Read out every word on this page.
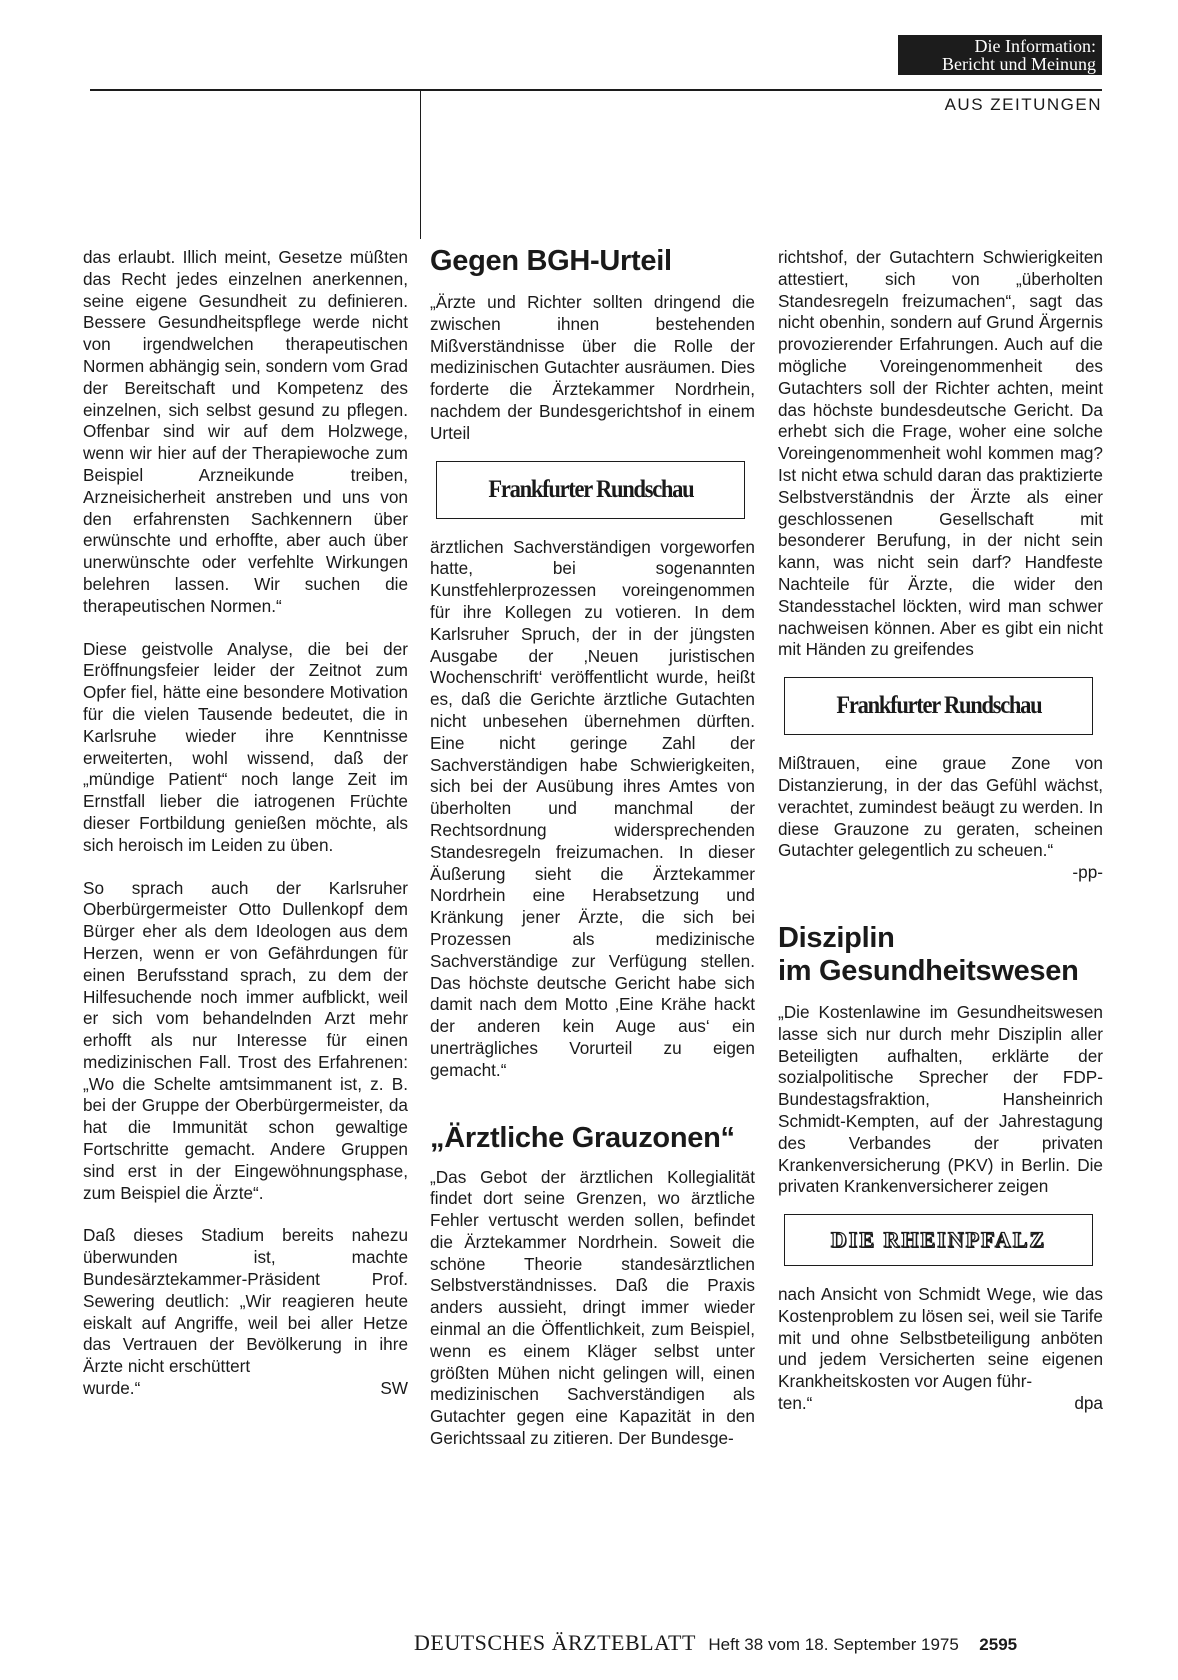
Die Information:
Bericht und Meinung
AUS ZEITUNGEN

das erlaubt. Illich meint, Gesetze müßten das Recht jedes einzelnen anerkennen, seine eigene Gesundheit zu definieren. Bessere Gesundheitspflege werde nicht von irgendwelchen therapeutischen Normen abhängig sein, sondern vom Grad der Bereitschaft und Kompetenz des einzelnen, sich selbst gesund zu pflegen. Offenbar sind wir auf dem Holzwege, wenn wir hier auf der Therapiewoche zum Beispiel Arzneikunde treiben, Arzneisicherheit anstreben und uns von den erfahrensten Sachkennern über erwünschte und erhoffte, aber auch über unerwünschte oder verfehlte Wirkungen belehren lassen. Wir suchen die therapeutischen Normen.“

Diese geistvolle Analyse, die bei der Eröffnungsfeier leider der Zeitnot zum Opfer fiel, hätte eine besondere Motivation für die vielen Tausende bedeutet, die in Karlsruhe wieder ihre Kenntnisse erweiterten, wohl wissend, daß der „mündige Patient“ noch lange Zeit im Ernstfall lieber die iatrogenen Früchte dieser Fortbildung genießen möchte, als sich heroisch im Leiden zu üben.

So sprach auch der Karlsruher Oberbürgermeister Otto Dullenkopf dem Bürger eher als dem Ideologen aus dem Herzen, wenn er von Gefährdungen für einen Berufsstand sprach, zu dem der Hilfesuchende noch immer aufblickt, weil er sich vom behandelnden Arzt mehr erhofft als nur Interesse für einen medizinischen Fall. Trost des Erfahrenen: „Wo die Schelte amtsimmanent ist, z. B. bei der Gruppe der Oberbürgermeister, da hat die Immunität schon gewaltige Fortschritte gemacht. Andere Gruppen sind erst in der Eingewöhnungsphase, zum Beispiel die Ärzte“.

Daß dieses Stadium bereits nahezu überwunden ist, machte Bundesärztekammer-Präsident Prof. Sewering deutlich: „Wir reagieren heute eiskalt auf Angriffe, weil bei aller Hetze das Vertrauen der Bevölkerung in ihre Ärzte nicht erschüttert

wurde.“	SW
Gegen BGH-Urteil

„Ärzte und Richter sollten dringend die zwischen ihnen bestehenden Mißverständnisse über die Rolle der medizinischen Gutachter ausräumen. Dies forderte die Ärztekammer Nordrhein, nachdem der Bundesgerichtshof in einem Urteil

Frankfurter Rundschau

ärztlichen Sachverständigen vorgeworfen hatte, bei sogenannten Kunstfehlerprozessen voreingenommen für ihre Kollegen zu votieren. In dem Karlsruher Spruch, der in der jüngsten Ausgabe der ‚Neuen juristischen Wochenschrift‘ veröffentlicht wurde, heißt es, daß die Gerichte ärztliche Gutachten nicht unbesehen übernehmen dürften. Eine nicht geringe Zahl der Sachverständigen habe Schwierigkeiten, sich bei der Ausübung ihres Amtes von überholten und manchmal der Rechtsordnung widersprechenden Standesregeln freizumachen. In dieser Äußerung sieht die Ärztekammer Nordrhein eine Herabsetzung und Kränkung jener Ärzte, die sich bei Prozessen als medizinische Sachverständige zur Verfügung stellen. Das höchste deutsche Gericht habe sich damit nach dem Motto ‚Eine Krähe hackt der anderen kein Auge aus‘ ein unerträgliches Vorurteil zu eigen gemacht.“

„Ärztliche Grauzonen“

„Das Gebot der ärztlichen Kollegialität findet dort seine Grenzen, wo ärztliche Fehler vertuscht werden sollen, befindet die Ärztekammer Nordrhein. Soweit die schöne Theorie standesärztlichen Selbstverständnisses. Daß die Praxis anders aussieht, dringt immer wieder einmal an die Öffentlichkeit, zum Beispiel, wenn es einem Kläger selbst unter größten Mühen nicht gelingen will, einen medizinischen Sachverständigen als Gutachter gegen eine Kapazität in den Gerichtssaal zu zitieren. Der Bundesge-

richtshof, der Gutachtern Schwierigkeiten attestiert, sich von „überholten Standesregeln freizumachen“, sagt das nicht obenhin, sondern auf Grund Ärgernis provozierender Erfahrungen. Auch auf die mögliche Voreingenommenheit des Gutachters soll der Richter achten, meint das höchste bundesdeutsche Gericht. Da erhebt sich die Frage, woher eine solche Voreingenommenheit wohl kommen mag? Ist nicht etwa schuld daran das praktizierte Selbstverständnis der Ärzte als einer geschlossenen Gesellschaft mit besonderer Berufung, in der nicht sein kann, was nicht sein darf? Handfeste Nachteile für Ärzte, die wider den Standesstachel löckten, wird man schwer nachweisen können. Aber es gibt ein nicht mit Händen zu greifendes

Frankfurter Rundschau

Mißtrauen, eine graue Zone von Distanzierung, in der das Gefühl wächst, verachtet, zumindest beäugt zu werden. In diese Grauzone zu geraten, scheinen Gutachter gelegentlich zu scheuen.“

-pp-
Disziplin
im Gesundheitswesen

„Die Kostenlawine im Gesundheitswesen lasse sich nur durch mehr Disziplin aller Beteiligten aufhalten, erklärte der sozialpolitische Sprecher der FDP-Bundestagsfraktion, Hansheinrich Schmidt-Kempten, auf der Jahrestagung des Verbandes der privaten Krankenversicherung (PKV) in Berlin. Die privaten Krankenversicherer zeigen

DIE RHEINPFALZ

nach Ansicht von Schmidt Wege, wie das Kostenproblem zu lösen sei, weil sie Tarife mit und ohne Selbstbeteiligung anböten und jedem Versicherten seine eigenen Krankheitskosten vor Augen führ-

ten.“	dpa
DEUTSCHES ÄRZTEBLATT Heft 38 vom 18. September 1975 2595
